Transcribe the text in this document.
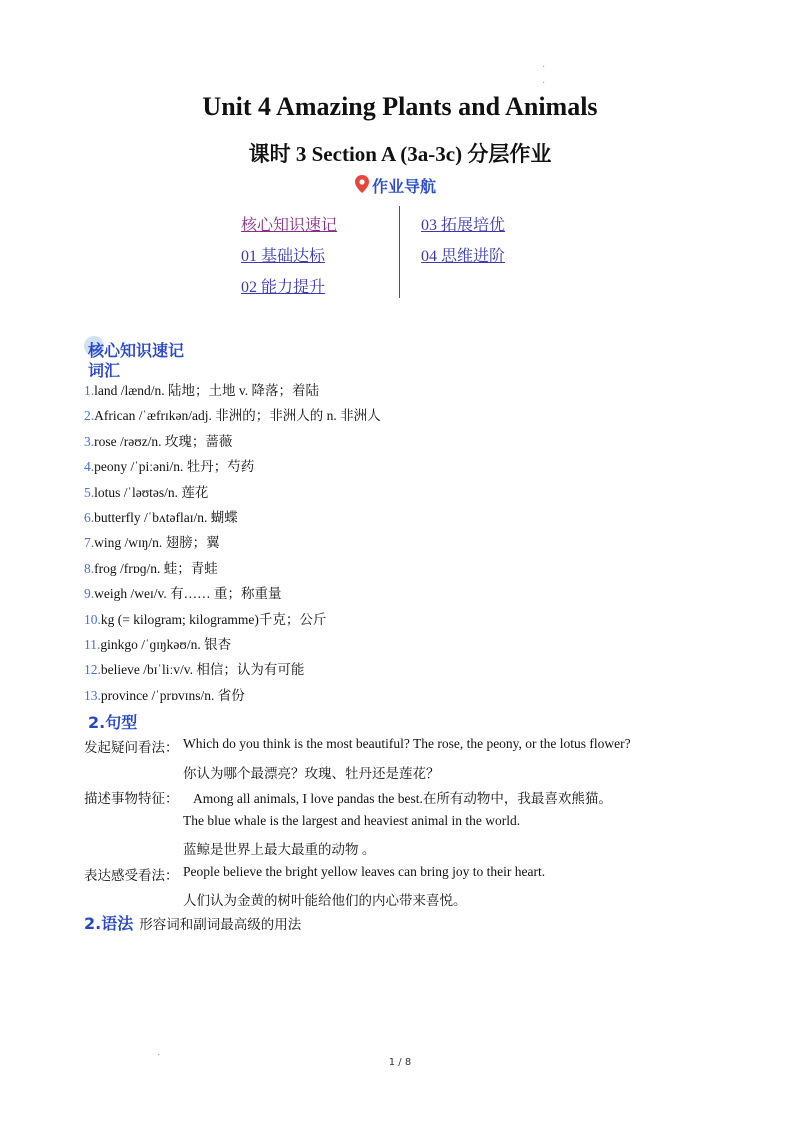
·
·
Unit 4 Amazing Plants and Animals
课时 3 Section A (3a-3c) 分层作业
作业导航
核心知识速记
01 基础达标
02 能力提升
03 拓展培优
04 思维进阶
核心知识速记
词汇
1.land /lænd/n. 陆地；土地 v. 降落；着陆
2.African /ˈæfrɪkən/adj. 非洲的；非洲人的 n. 非洲人
3.rose /rəʊz/n. 玫瑰；蔷薇
4.peony /ˈpiːəni/n. 牡丹；芍药
5.lotus /ˈləʊtəs/n. 莲花
6.butterfly /ˈbʌtəflaɪ/n. 蝴蝶
7.wing /wɪŋ/n. 翅膀；翼
8.frog /frɒɡ/n. 蛙；青蛙
9.weigh /weɪ/v. 有…… 重；称重量
10.kg (= kilogram; kilogramme)千克；公斤
11.ginkgo /ˈɡɪŋkəʊ/n. 银杏
12.believe /bɪˈliːv/v. 相信；认为有可能
13.province /ˈprɒvɪns/n. 省份
2.句型
发起疑问看法： Which do you think is the most beautiful? The rose, the peony, or the lotus flower?
你认为哪个最漂亮？玫瑰、牡丹还是莲花？
描述事物特征： Among all animals, I love pandas the best.在所有动物中，我最喜欢熊猫。
The blue whale is the largest and heaviest animal in the world.
蓝鲸是世界上最大最重的动物 。
表达感受看法： People believe the bright yellow leaves can bring joy to their heart.
人们认为金黄的树叶能给他们的内心带来喜悦。
2.语法 形容词和副词最高级的用法
·
1 / 8
